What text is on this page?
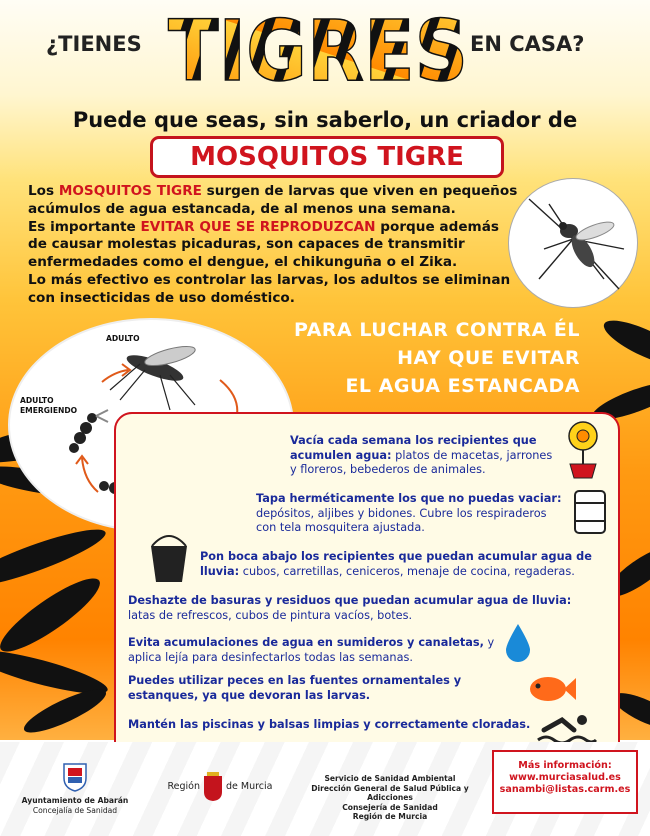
¿TIENES TIGRES EN CASA?
Puede que seas, sin saberlo, un criador de
MOSQUITOS TIGRE
Los MOSQUITOS TIGRE surgen de larvas que viven en pequeños acúmulos de agua estancada, de al menos una semana.
Es importante EVITAR QUE SE REPRODUZCAN porque además de causar molestas picaduras, son capaces de transmitir enfermedades como el dengue, el chikunguña o el Zika.
Lo más efectivo es controlar las larvas, los adultos se eliminan con insecticidas de uso doméstico.
ADULTO
ADULTO
EMERGIENDO
PARA LUCHAR CONTRA ÉL
HAY QUE EVITAR
EL AGUA ESTANCADA
Vacía cada semana los recipientes que acumulen agua: platos de macetas, jarrones y floreros, bebederos de animales.
Tapa herméticamente los que no puedas vaciar: depósitos, aljibes y bidones. Cubre los respiraderos con tela mosquitera ajustada.
Pon boca abajo los recipientes que puedan acumular agua de lluvia: cubos, carretillas, ceniceros, menaje de cocina, regaderas.
Deshazte de basuras y residuos que puedan acumular agua de lluvia: latas de refrescos, cubos de pintura vacíos, botes.
Evita acumulaciones de agua en sumideros y canaletas, y aplica lejía para desinfectarlos todas las semanas.
Puedes utilizar peces en las fuentes ornamentales y estanques, ya que devoran las larvas.
Mantén las piscinas y balsas limpias y correctamente cloradas.
Ayuntamiento de Abarán
Concejalía de Sanidad
Región	de Murcia
Servicio de Sanidad Ambiental
Dirección General de Salud Pública y Adicciones
Consejería de Sanidad
Región de Murcia
Más información:
www.murciasalud.es
sanambi@listas.carm.es
